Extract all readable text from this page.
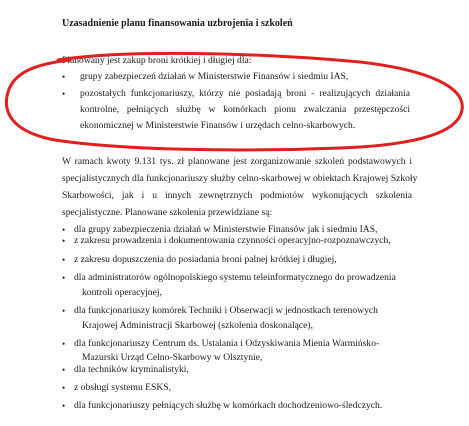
Uzasadnienie planu finansowania uzbrojenia i szkoleń
Planowany jest zakup broni krótkiej i długiej dla:
• grupy zabezpieczeń działań w Ministerstwie Finansów i siedmiu IAS,
• pozostałych funkcjonariuszy, którzy nie posiadają broni - realizujących działania
kontrolne, pełniących służbę w komórkach pionu zwalczania przestępczości
ekonomicznej w Ministerstwie Finansów i urzędach celno-skarbowych.
W ramach kwoty 9.131 tys. zł planowane jest zorganizowanie szkoleń podstawowych i
specjalistycznych dla funkcjonariuszy służby celno-skarbowej w obiektach Krajowej Szkoły
Skarbowości, jak i u innych zewnętrznych podmiotów wykonujących szkolenia
specjalistyczne. Planowane szkolenia przewidziane są:
• dla grupy zabezpieczenia działań w Ministerstwie Finansów jak i siedmiu IAS,
• z zakresu prowadzenia i dokumentowania czynności operacyjno-rozpoznawczych,
• z zakresu dopuszczenia do posiadania broni palnej krótkiej i długiej,
• dla administratorów ogólnopolskiego systemu teleinformatycznego do prowadzenia
kontroli operacyjnej,
• dla funkcjonariuszy komórek Techniki i Obserwacji w jednostkach terenowych
Krajowej Administracji Skarbowej (szkolenia doskonalące),
• dla funkcjonariuszy Centrum ds. Ustalania i Odzyskiwania Mienia Warmińsko-
Mazurski Urząd Celno-Skarbowy w Olsztynie,
• dla techników kryminalistyki,
• z obsługi systemu ESKS,
• dla funkcjonariuszy pełniących służbę w komórkach dochodzeniowo-śledczych.
